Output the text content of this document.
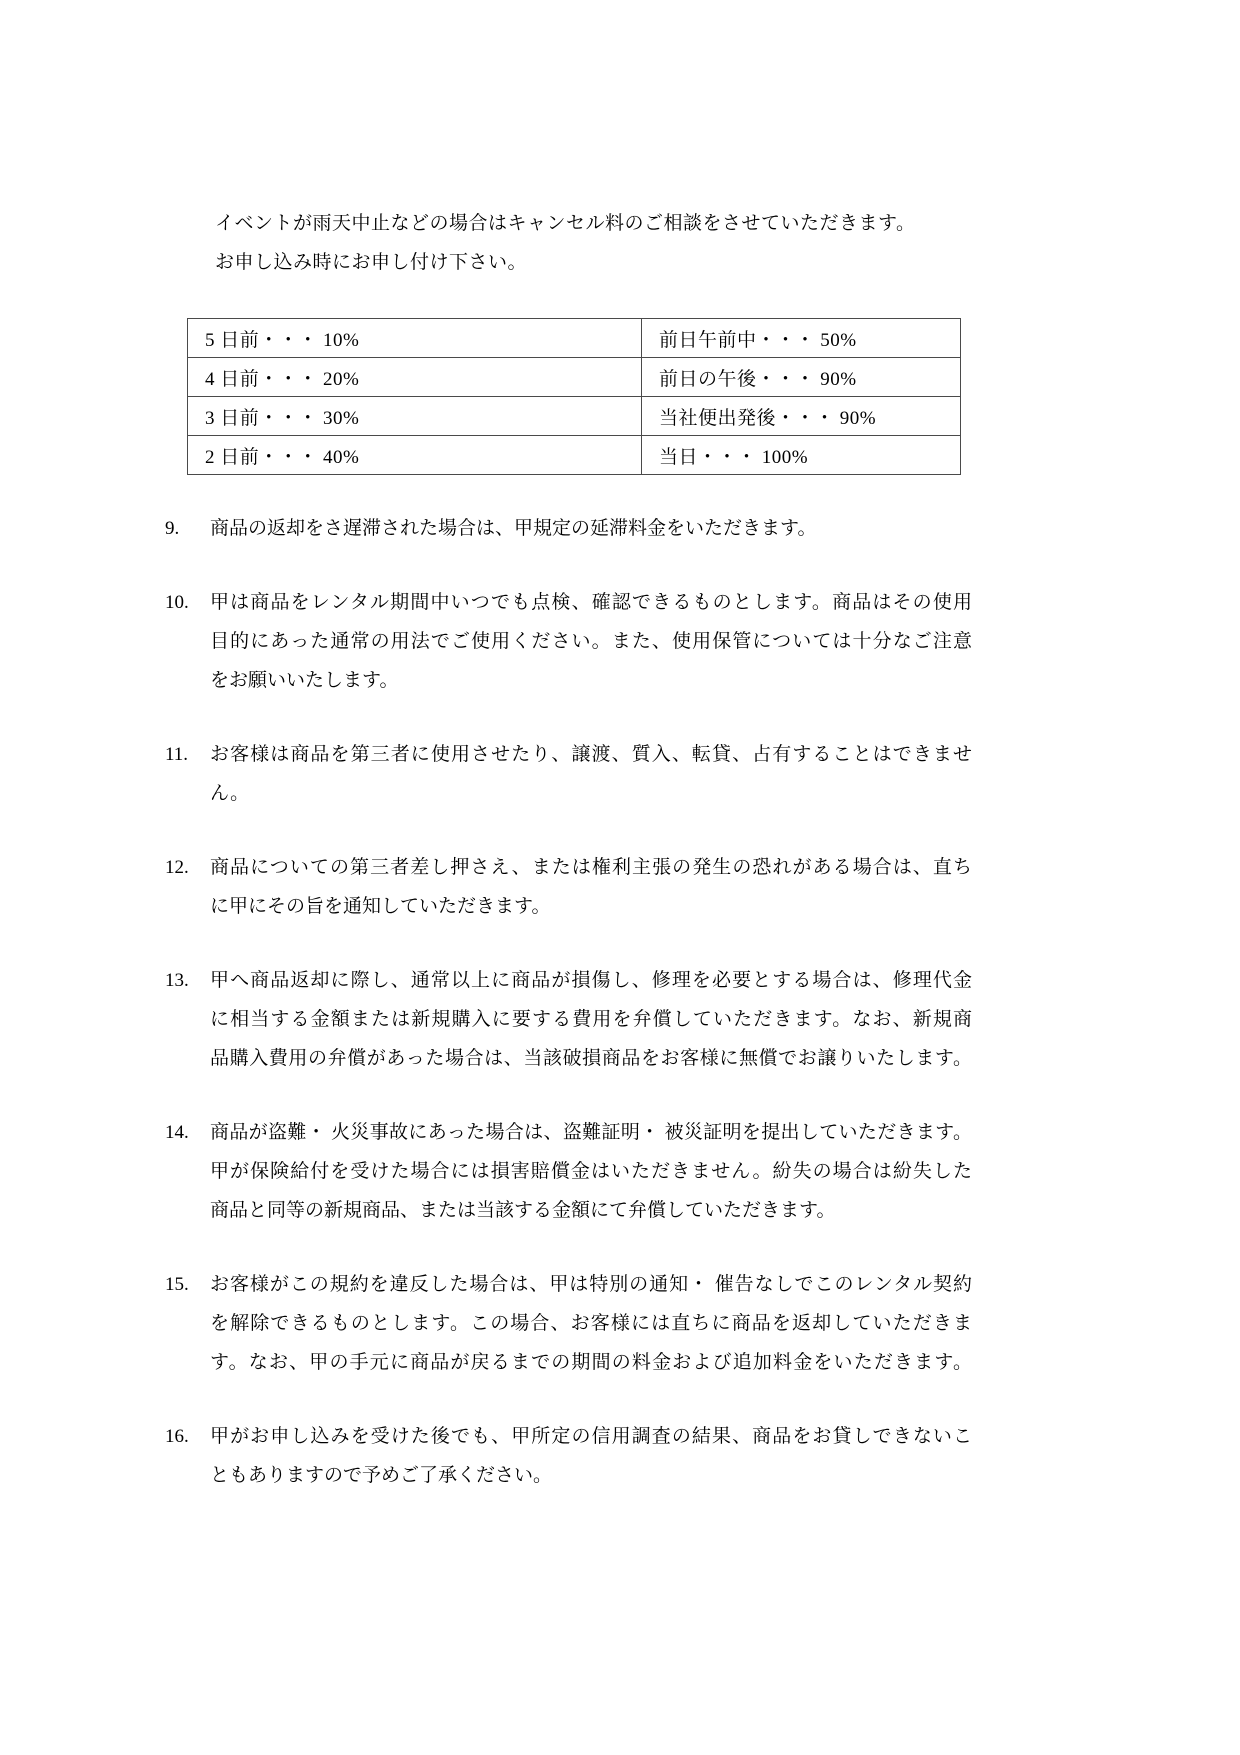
イベントが雨天中止などの場合はキャンセル料のご相談をさせていただきます。
お申し込み時にお申し付け下さい。
5 日前・・・ 10%	前日午前中・・・ 50%
4 日前・・・ 20%	前日の午後・・・ 90%
3 日前・・・ 30%	当社便出発後・・・ 90%
2 日前・・・ 40%	当日・・・ 100%
9.	商品の返却をさ遅滞された場合は、甲規定の延滞料金をいただきます。
10.	甲は商品をレンタル期間中いつでも点検、確認できるものとします。商品はその使用
目的にあった通常の用法でご使用ください。また、使用保管については十分なご注意
をお願いいたします。
11.	お客様は商品を第三者に使用させたり、譲渡、質入、転貸、占有することはできませ
ん。
12.	商品についての第三者差し押さえ、または権利主張の発生の恐れがある場合は、直ち
に甲にその旨を通知していただきます。
13.	甲へ商品返却に際し、通常以上に商品が損傷し、修理を必要とする場合は、修理代金
に相当する金額または新規購入に要する費用を弁償していただきます。なお、新規商
品購入費用の弁償があった場合は、当該破損商品をお客様に無償でお譲りいたします。
14.	商品が盗難・ 火災事故にあった場合は、盗難証明・ 被災証明を提出していただきます。
甲が保険給付を受けた場合には損害賠償金はいただきません。紛失の場合は紛失した
商品と同等の新規商品、または当該する金額にて弁償していただきます。
15.	お客様がこの規約を違反した場合は、甲は特別の通知・ 催告なしでこのレンタル契約
を解除できるものとします。この場合、お客様には直ちに商品を返却していただきま
す。なお、甲の手元に商品が戻るまでの期間の料金および追加料金をいただきます。
16.	甲がお申し込みを受けた後でも、甲所定の信用調査の結果、商品をお貸しできないこ
ともありますので予めご了承ください。
